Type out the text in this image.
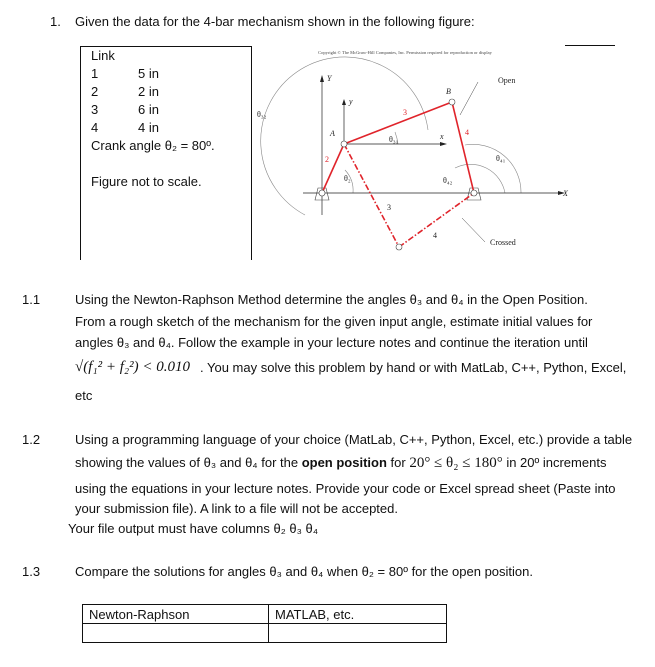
1. Given the data for the 4-bar mechanism shown in the following figure:
Link
1	5 in
2	2 in
3	6 in
4	4 in
Crank angle θ₂ = 80º.
Figure not to scale.
Copyright © The McGraw-Hill Companies, Inc. Permission required for reproduction or display
Y
y
X
x
A
B
Open
Crossed
2
3
4
3
4
θ₂
θ₃₁
θ₃₂
θ₄₁
θ₄₂
1.1	Using the Newton-Raphson Method determine the angles θ₃ and θ₄ in the Open Position.
From a rough sketch of the mechanism for the given input angle, estimate initial values for
angles θ₃ and θ₄. Follow the example in your lecture notes and continue the iteration until
√(f₁² + f₂²) < 0.010 . You may solve this problem by hand or with MatLab, C++, Python, Excel,
etc
1.2	Using a programming language of your choice (MatLab, C++, Python, Excel, etc.) provide a table
showing the values of θ₃ and θ₄ for the open position for 20° ≤ θ₂ ≤ 180° in 20º increments
using the equations in your lecture notes. Provide your code or Excel spread sheet (Paste into
your submission file). A link to a file will not be accepted.
Your file output must have columns θ₂ θ₃ θ₄
1.3	Compare the solutions for angles θ₃ and θ₄ when θ₂ = 80º for the open position.
Newton-Raphson	MATLAB, etc.
